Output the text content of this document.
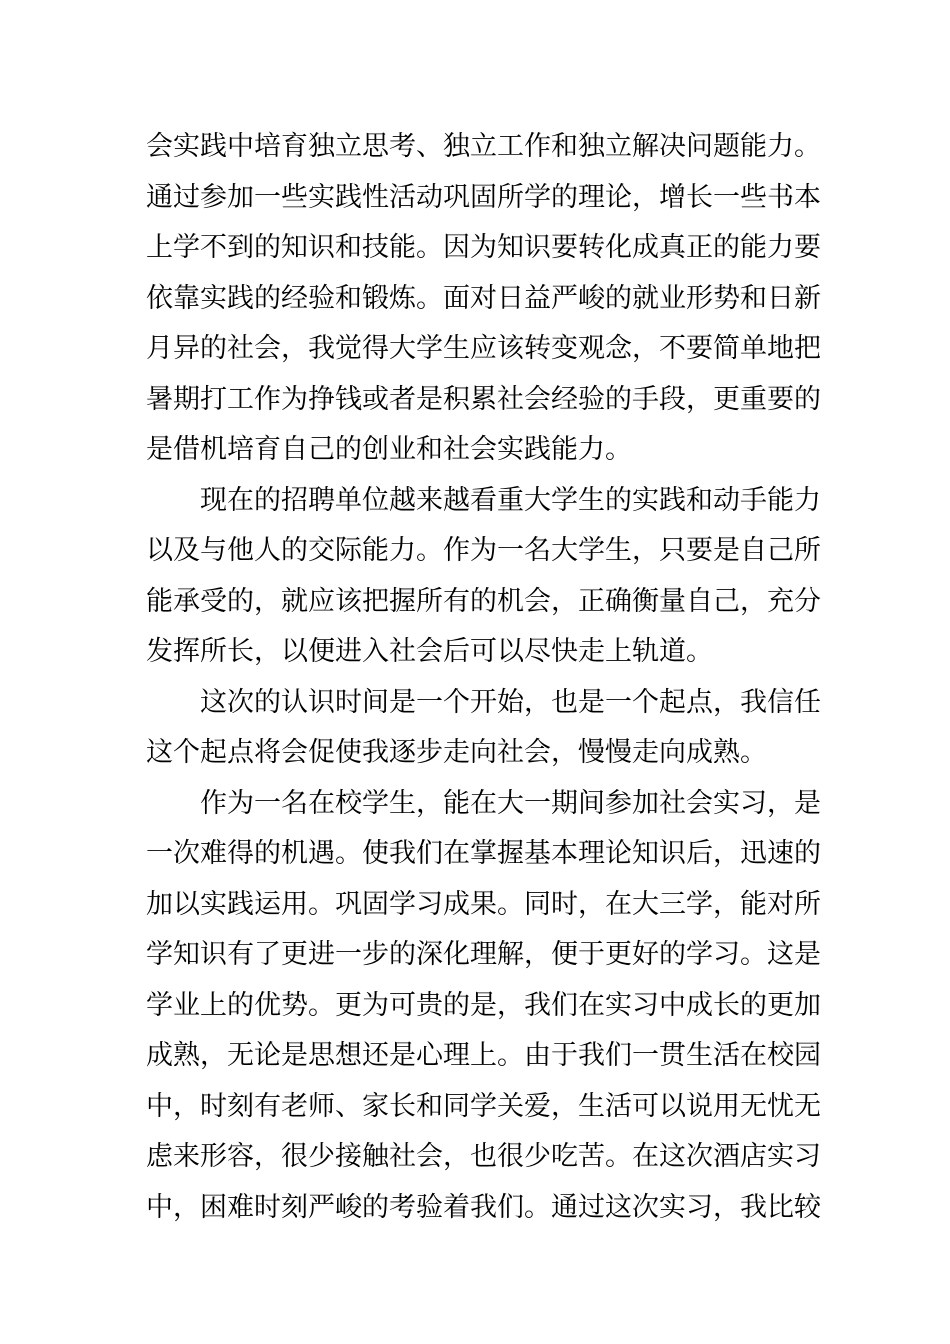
会实践中培育独立思考、独立工作和独立解决问题能力。
通过参加一些实践性活动巩固所学的理论，增长一些书本
上学不到的知识和技能。因为知识要转化成真正的能力要
依靠实践的经验和锻炼。面对日益严峻的就业形势和日新
月异的社会，我觉得大学生应该转变观念，不要简单地把
暑期打工作为挣钱或者是积累社会经验的手段，更重要的
是借机培育自己的创业和社会实践能力。
现在的招聘单位越来越看重大学生的实践和动手能力
以及与他人的交际能力。作为一名大学生，只要是自己所
能承受的，就应该把握所有的机会，正确衡量自己，充分
发挥所长，以便进入社会后可以尽快走上轨道。
这次的认识时间是一个开始，也是一个起点，我信任
这个起点将会促使我逐步走向社会，慢慢走向成熟。
作为一名在校学生，能在大一期间参加社会实习，是
一次难得的机遇。使我们在掌握基本理论知识后，迅速的
加以实践运用。巩固学习成果。同时，在大三学，能对所
学知识有了更进一步的深化理解，便于更好的学习。这是
学业上的优势。更为可贵的是，我们在实习中成长的更加
成熟，无论是思想还是心理上。由于我们一贯生活在校园
中，时刻有老师、家长和同学关爱，生活可以说用无忧无
虑来形容，很少接触社会，也很少吃苦。在这次酒店实习
中，困难时刻严峻的考验着我们。通过这次实习，我比较
